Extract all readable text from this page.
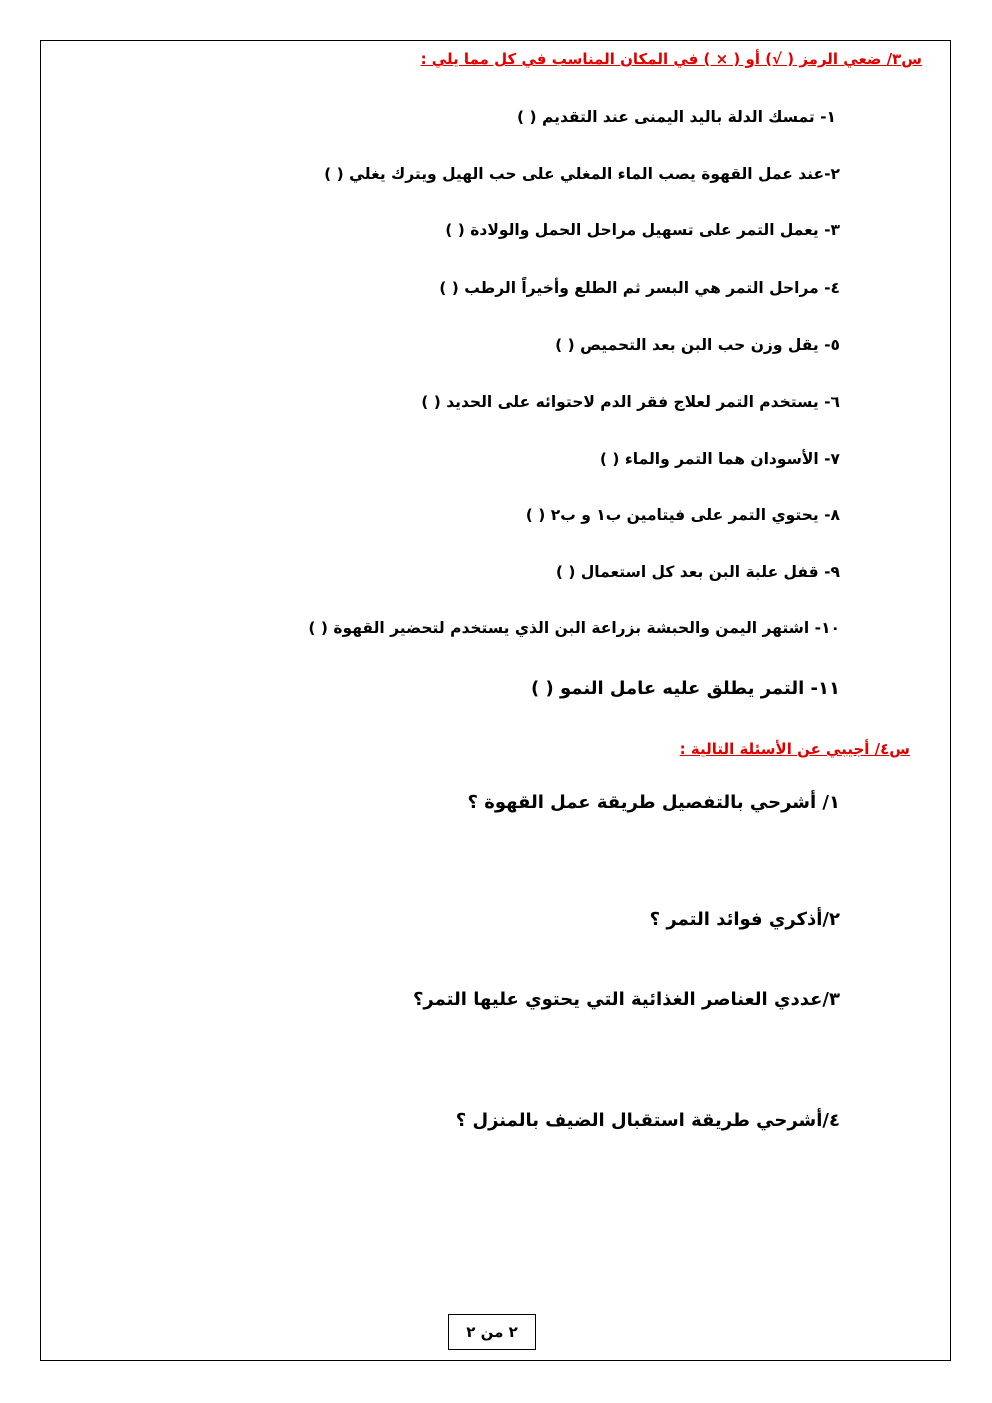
س٣/ ضعي الرمز ( √) أو ( × ) في المكان المناسب في كل مما يلي :
١- تمسك الدلة باليد اليمنى عند التقديم ( )
٢-عند عمل القهوة يصب الماء المغلي على حب الهيل ويترك يغلي ( )
٣- يعمل التمر على تسهيل مراحل الحمل والولادة ( )
٤- مراحل التمر هي البسر ثم الطلع وأخيراً الرطب ( )
٥- يقل وزن حب البن بعد التحميص ( )
٦- يستخدم التمر لعلاج فقر الدم لاحتوائه على الحديد ( )
٧- الأسودان هما التمر والماء ( )
٨- يحتوي التمر على فيتامين ب١ و ب٢ ( )
٩- قفل علبة البن بعد كل استعمال ( )
١٠- اشتهر اليمن والحبشة بزراعة البن الذي يستخدم لتحضير القهوة ( )
١١- التمر يطلق عليه عامل النمو ( )
س٤/ أجيبي عن الأسئلة التالية :
١/ أشرحي بالتفصيل طريقة عمل القهوة ؟
٢/أذكري فوائد التمر ؟
٣/عددي العناصر الغذائية التي يحتوي عليها التمر؟
٤/أشرحي طريقة استقبال الضيف بالمنزل ؟
٢ من ٢
